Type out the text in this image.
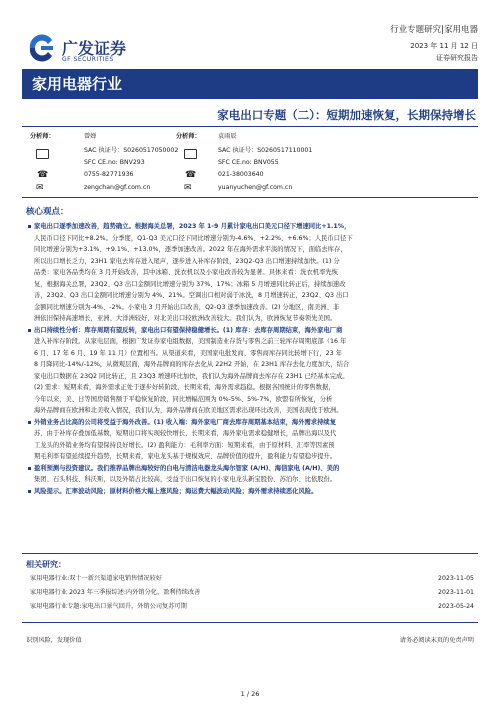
行业专题研究|家用电器
2023 年 11 月 12 日
证券研究报告
广发证券
GF SECURITIES
家用电器行业
家电出口专题（二）：短期加速恢复，长期保持增长
分析师：	曾婵
SAC 执证号：S0260517050002
SFC CE.no: BNV293
☎	0755-82771936
✉	zengchan@gf.com.cn
分析师：	袁雨辰
SAC 执证号：S0260517110001
SFC CE.no: BNV055
☎	021-38003640
✉	yuanyuchen@gf.com.cn
核心观点：
家电出口逐季加速改善，趋势确立。根据海关总署，2023 年 1-9 月累计家电出口美元口径下增速同比+1.1%，
人民币口径下同比+8.2%。分季度，Q1-Q3 美元口径下同比增速分别为-4.6%、+2.2%、+6.6%；人民币口径下
同比增速分别为+3.1%、+9.1%、+13.0%，逐季加速改善。2022 年在海外需求平淡的情况下，面临去库存，
所以出口增长乏力，23H1 家电去库存进入尾声，逐步进入补库存阶段，23Q2-Q3 出口增速持续加快。(1) 分
品类：家电各品类均在 3 月开始改善，其中冰箱、洗衣机以及小家电改善较为显著。具体来看：洗衣机率先恢
复，根据海关总署，23Q2、Q3 出口金额同比增速分别为 37%、17%；冰箱 5 月增速同比转正后，持续加速改
善，23Q2、Q3 出口金额同比增速分别为 4%、21%。空调出口相对弱于冰洗，8 月增速转正，23Q2、Q3 出口
金额同比增速分别为-4%、-2%。小家电 3 月开始出口改善，Q2-Q3 逐季加速改善。(2) 分地区，南美洲、非
洲依旧保持高速增长，亚洲、大洋洲较好，对北美出口较欧洲改善较大。我们认为，欧洲恢复节奏领先美国。
出口持续性分析：库存周期有望反转，家电出口有望保持稳健增长。(1) 库存：去库存周期结束，海外家电厂商
进入补库存阶段。从家电层面，根据广发证券家电组数据，美国制造业存货与零售之前三轮库存周期底部（16 年
6 月、17 年 6 月、19 年 11 月）位置相当。从渠道来看，美国家电批发商、零售商库存同比转增下行，23 年
8 月降同比-14%/-12%，从微观层面，海外品牌商的库存去化从 22H2 开始，在 23H1 库存去化力度加大，结合
家电出口数据在 23Q2 同比转正，且 23Q3 增速环比加快，我们认为海外品牌商去库存在 23H1 已经基本完成。
(2) 需求：短期来看，海外需求正处于逐步好转阶段，长期来看，海外需求趋稳。根据各国统计的零售数据，
今年以来，美、日等国房销售额于平稳恢复阶段，同比增幅范围为 0%-5%、5%-7%，欧盟有所恢复，分析
海外品牌商在欧洲和北美收入情况，我们认为，海外品牌商在欧美地区需求出现环比改善，美国表现优于欧洲。
外销业务占比高的公司将受益于海外改善。(1) 收入端：海外家电厂商去库存周期基本结束，海外需求持续复
苏，由于补库存叠加低基数，短期出口将实现较快增长，长期来看，海外家电需求稳健增长，品牌出海以及代
工龙头的外销业务均有望保持良好增长。(2) 盈利能力：毛利率方面：短期来看，由于原材料、汇率等因素预
期毛利率有望延续提升趋势，长期来看，家电龙头基于规模效应、品牌价值的提升，盈利能力有望稳步提升。
盈利预测与投资建议。我们推荐品牌出海较好的白电与清洁电器龙头海尔智家 (A/H)、海信家电 (A/H)、美的
集团、石头科技、科沃斯，以及外销占比较高，受益于出口恢复的小家电龙头新宝股份、苏泊尔、比依股份。
风险提示。汇率波动风险；原材料价格大幅上涨风险；海运费大幅波动风险；海外需求持续恶化风险。
相关研究：
家用电器行业:双十一新兴渠道家电销售情况较好	2023-11-05
家用电器行业 2023 年三季报综述:内外销分化，盈利持续改善	2023-11-01
家用电器行业专题:家电出口景气回升，外销公司复苏可期	2023-05-24
识别风险，发现价值	请务必阅读末页的免责声明
1 / 26
